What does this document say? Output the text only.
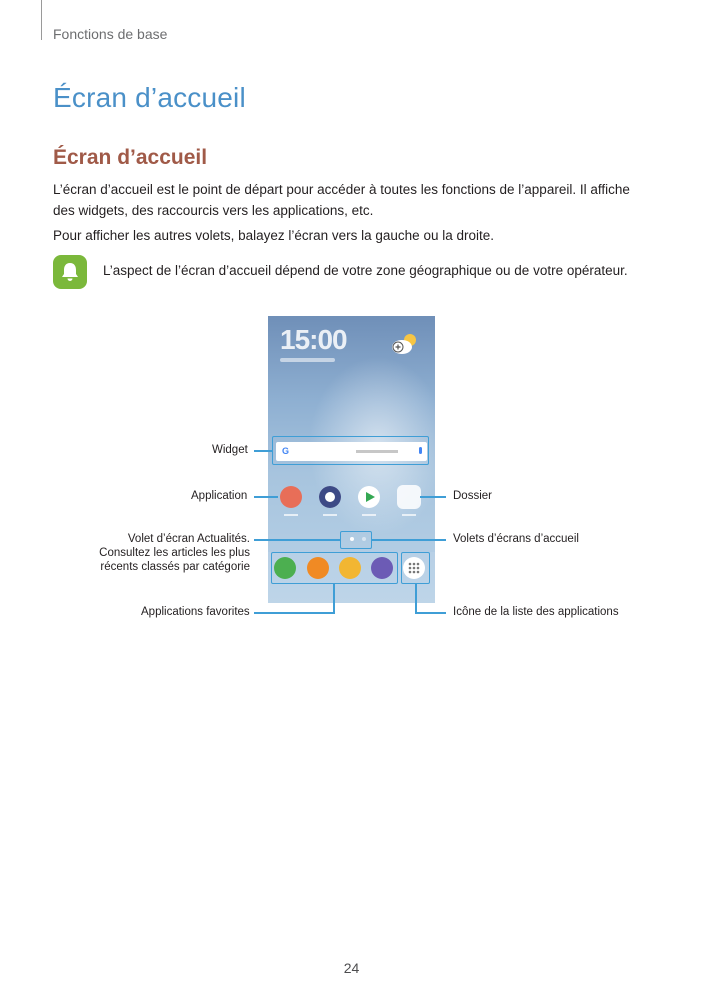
Fonctions de base
Écran d’accueil
Écran d’accueil

L’écran d’accueil est le point de départ pour accéder à toutes les fonctions de l’appareil. Il affiche des widgets, des raccourcis vers les applications, etc.

Pour afficher les autres volets, balayez l’écran vers la gauche ou la droite.

L’aspect de l’écran d’accueil dépend de votre zone géographique ou de votre opérateur.
15:00
G
Widget
Application
Volet d’écran Actualités. Consultez les articles les plus récents classés par catégorie
Applications favorites
Dossier
Volets d’écrans d’accueil
Icône de la liste des applications
24
